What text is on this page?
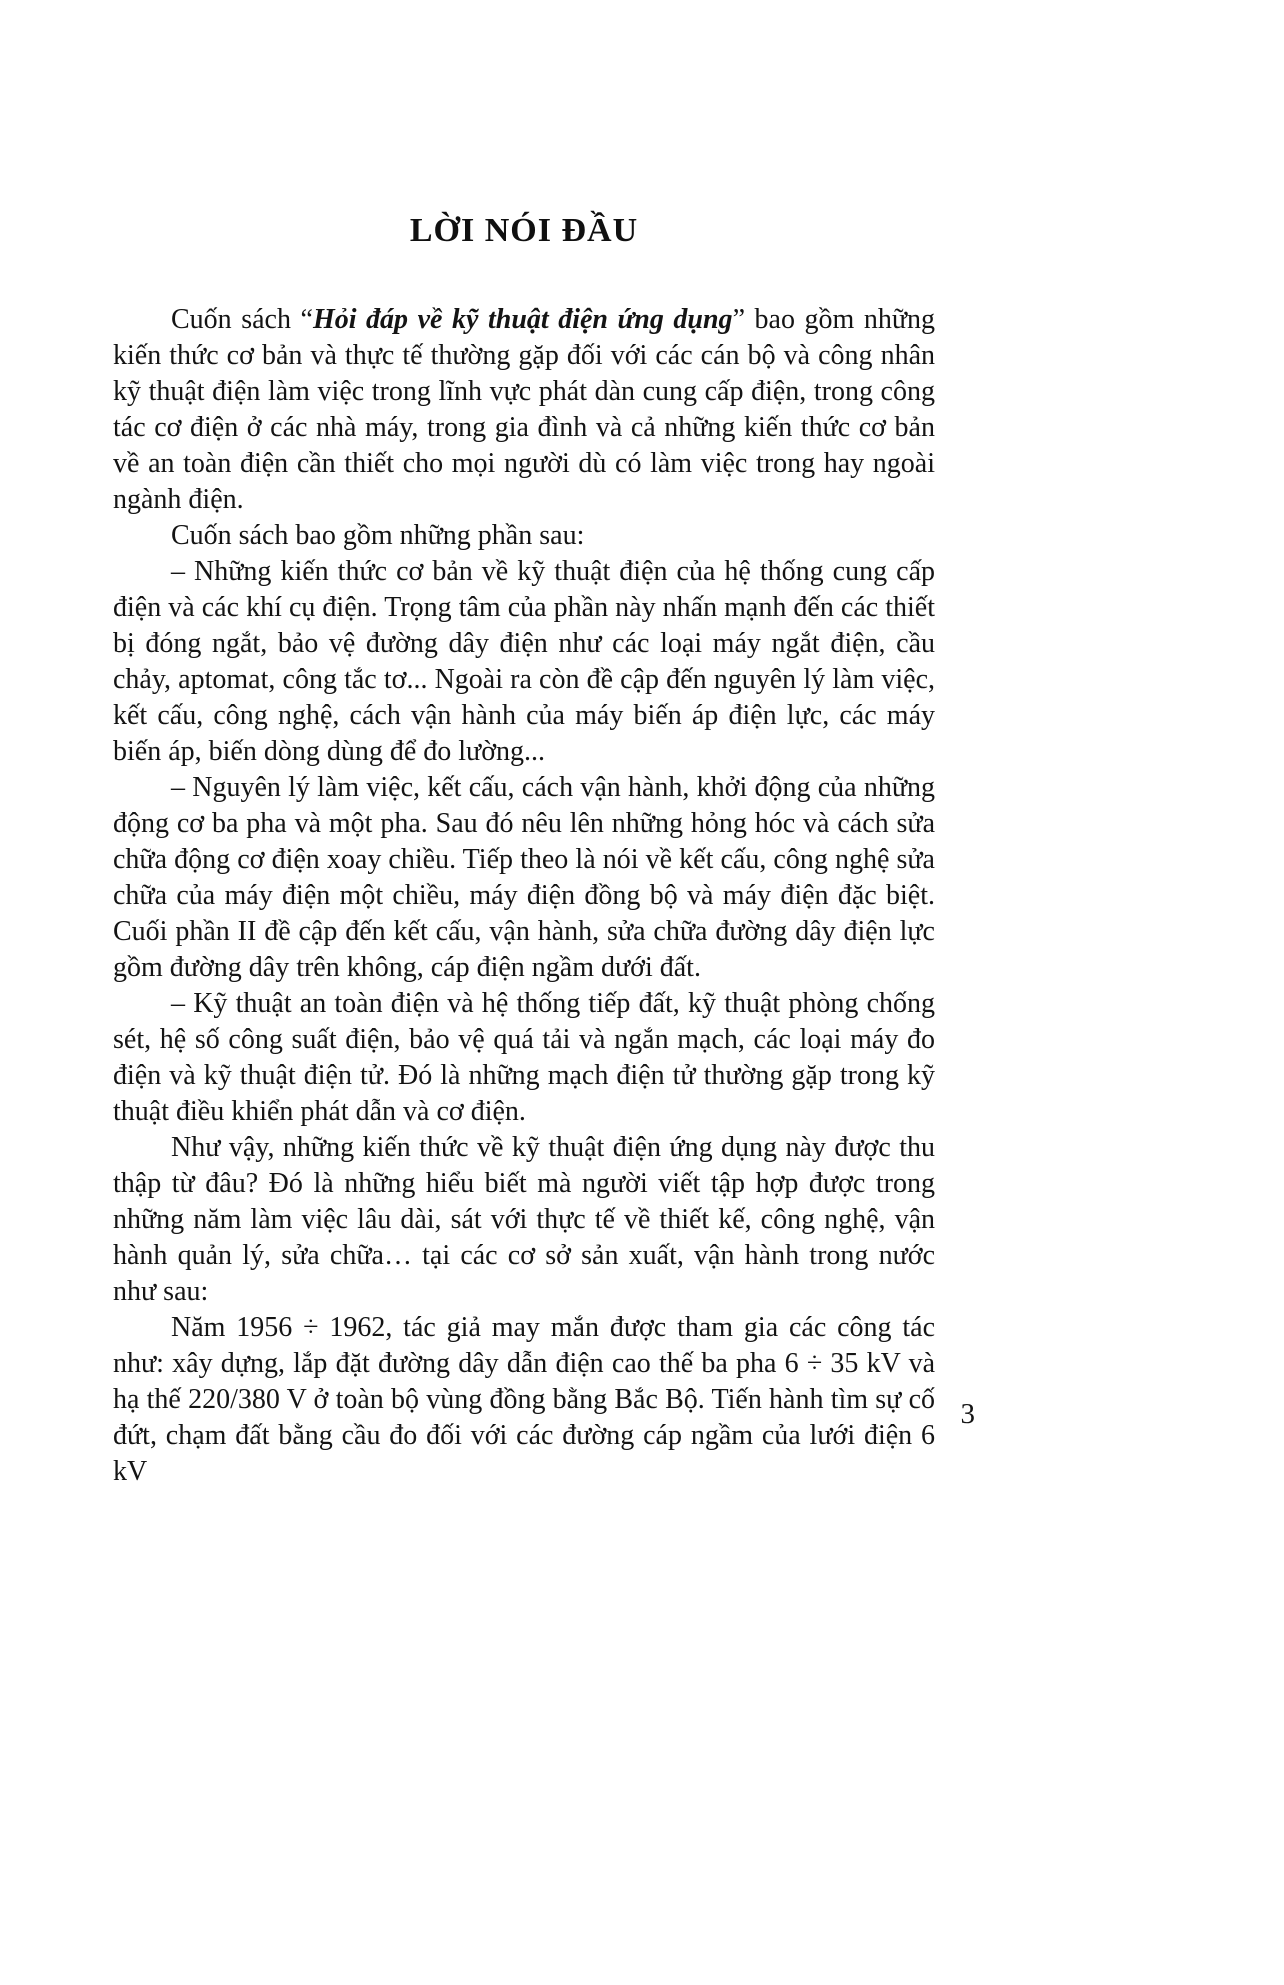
LỜI NÓI ĐẦU

Cuốn sách “Hỏi đáp về kỹ thuật điện ứng dụng” bao gồm những kiến thức cơ bản và thực tế thường gặp đối với các cán bộ và công nhân kỹ thuật điện làm việc trong lĩnh vực phát dàn cung cấp điện, trong công tác cơ điện ở các nhà máy, trong gia đình và cả những kiến thức cơ bản về an toàn điện cần thiết cho mọi người dù có làm việc trong hay ngoài ngành điện.

Cuốn sách bao gồm những phần sau:

– Những kiến thức cơ bản về kỹ thuật điện của hệ thống cung cấp điện và các khí cụ điện. Trọng tâm của phần này nhấn mạnh đến các thiết bị đóng ngắt, bảo vệ đường dây điện như các loại máy ngắt điện, cầu chảy, aptomat, công tắc tơ... Ngoài ra còn đề cập đến nguyên lý làm việc, kết cấu, công nghệ, cách vận hành của máy biến áp điện lực, các máy biến áp, biến dòng dùng để đo lường...

– Nguyên lý làm việc, kết cấu, cách vận hành, khởi động của những động cơ ba pha và một pha. Sau đó nêu lên những hỏng hóc và cách sửa chữa động cơ điện xoay chiều. Tiếp theo là nói về kết cấu, công nghệ sửa chữa của máy điện một chiều, máy điện đồng bộ và máy điện đặc biệt. Cuối phần II đề cập đến kết cấu, vận hành, sửa chữa đường dây điện lực gồm đường dây trên không, cáp điện ngầm dưới đất.

– Kỹ thuật an toàn điện và hệ thống tiếp đất, kỹ thuật phòng chống sét, hệ số công suất điện, bảo vệ quá tải và ngắn mạch, các loại máy đo điện và kỹ thuật điện tử. Đó là những mạch điện tử thường gặp trong kỹ thuật điều khiển phát dẫn và cơ điện.

Như vậy, những kiến thức về kỹ thuật điện ứng dụng này được thu thập từ đâu? Đó là những hiểu biết mà người viết tập hợp được trong những năm làm việc lâu dài, sát với thực tế về thiết kế, công nghệ, vận hành quản lý, sửa chữa… tại các cơ sở sản xuất, vận hành trong nước như sau:

Năm 1956 ÷ 1962, tác giả may mắn được tham gia các công tác như: xây dựng, lắp đặt đường dây dẫn điện cao thế ba pha 6 ÷ 35 kV và hạ thế 220/380 V ở toàn bộ vùng đồng bằng Bắc Bộ. Tiến hành tìm sự cố đứt, chạm đất bằng cầu đo đối với các đường cáp ngầm của lưới điện 6 kV

3
